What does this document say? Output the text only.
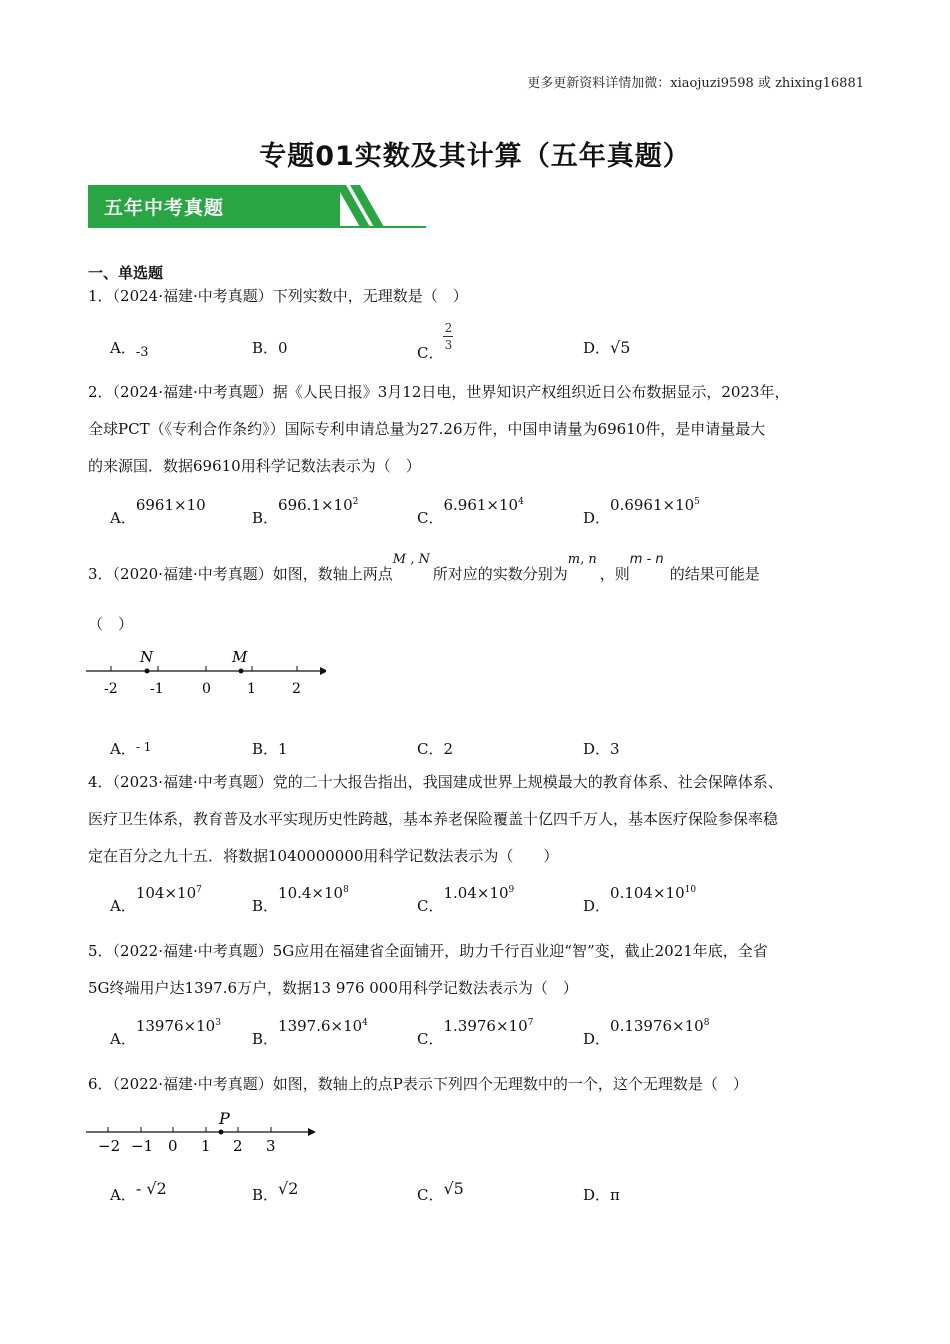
更多更新资料详情加微：xiaojuzi9598 或 zhixing16881
专题01实数及其计算（五年真题）
五年中考真题
一、单选题
1．（2024·福建·中考真题）下列实数中，无理数是（　）
A．-3	B．0	C． $\frac{2}{3}$	D．√5
2．（2024·福建·中考真题）据《人民日报》3月12日电，世界知识产权组织近日公布数据显示，2023年，
全球PCT（《专利合作条约》）国际专利申请总量为27.26万件，中国申请量为69610件，是申请量最大
的来源国．数据69610用科学记数法表示为（　）
A．6961×10
B．$696.1\times 10^2$
C．$6.961\times 10^4$
D．$0.6961\times 10^5$
3．（2020·福建·中考真题）如图，数轴上两点M , N所对应的实数分别为m, n，则m - n的结果可能是
（　）
N	M
-2 -1	0	1	2
A．$^{- 1}$	B．1	C．2	D．3
4．（2023·福建·中考真题）党的二十大报告指出，我国建成世界上规模最大的教育体系、社会保障体系、
医疗卫生体系，教育普及水平实现历史性跨越，基本养老保险覆盖十亿四千万人，基本医疗保险参保率稳
定在百分之九十五．将数据1040000000用科学记数法表示为（　　）
A．$104\times 10^7$
B．$10.4\times 10^8$
C．$1.04\times 10^9$
D．$0.104\times 10^{10}$
5．（2022·福建·中考真题）5G应用在福建省全面铺开，助力千行百业迎“智”变，截止2021年底，全省
5G终端用户达1397.6万户，数据13 976 000用科学记数法表示为（　）
A．$13976\times 10^3$
B．$1397.6\times 10^4$
C．$1.3976\times 10^7$
D．$0.13976\times 10^8$
6．（2022·福建·中考真题）如图，数轴上的点P表示下列四个无理数中的一个，这个无理数是（　）
P
−2 −1 0 1 2 3
A．- √2	B．√2	C．√5	D．π
